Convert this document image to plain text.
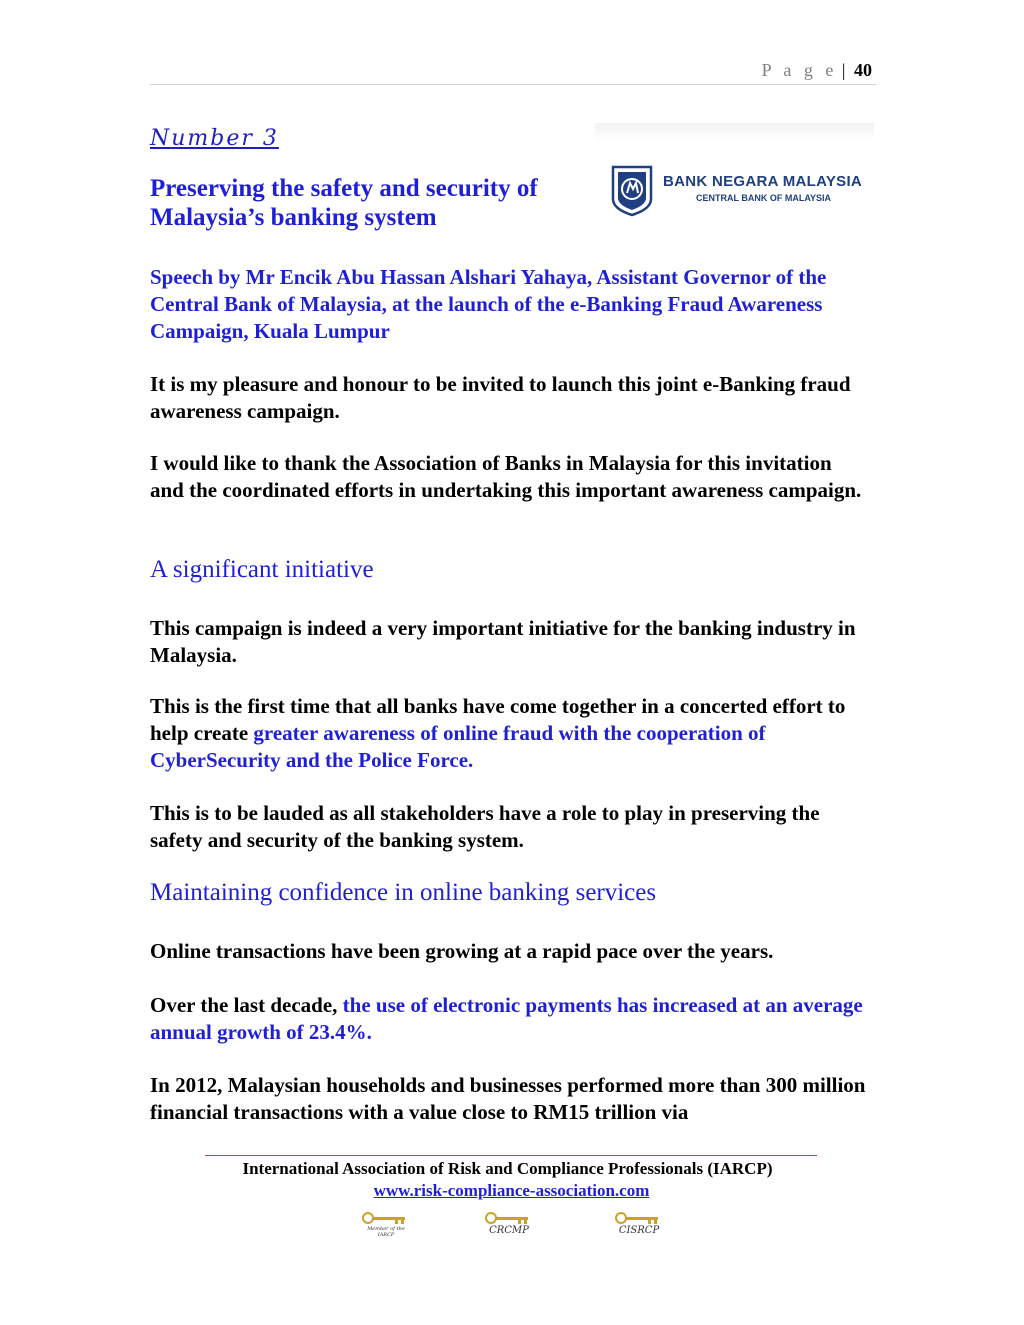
P a g e | 40
Number 3
Preserving the safety and security of Malaysia’s banking system
BANK NEGARA MALAYSIA
CENTRAL BANK OF MALAYSIA
Speech by Mr Encik Abu Hassan Alshari Yahaya, Assistant Governor of the Central Bank of Malaysia, at the launch of the e-Banking Fraud Awareness Campaign, Kuala Lumpur
It is my pleasure and honour to be invited to launch this joint e-Banking fraud awareness campaign.
I would like to thank the Association of Banks in Malaysia for this invitation and the coordinated efforts in undertaking this important awareness campaign.
A significant initiative
This campaign is indeed a very important initiative for the banking industry in Malaysia.
This is the first time that all banks have come together in a concerted effort to help create greater awareness of online fraud with the cooperation of CyberSecurity and the Police Force.
This is to be lauded as all stakeholders have a role to play in preserving the safety and security of the banking system.
Maintaining confidence in online banking services
Online transactions have been growing at a rapid pace over the years.
Over the last decade, the use of electronic payments has increased at an average annual growth of 23.4%.
In 2012, Malaysian households and businesses performed more than 300 million financial transactions with a value close to RM15 trillion via
International Association of Risk and Compliance Professionals (IARCP)
www.risk-compliance-association.com
Member of the IARCP	CRCMP	CISRCP
